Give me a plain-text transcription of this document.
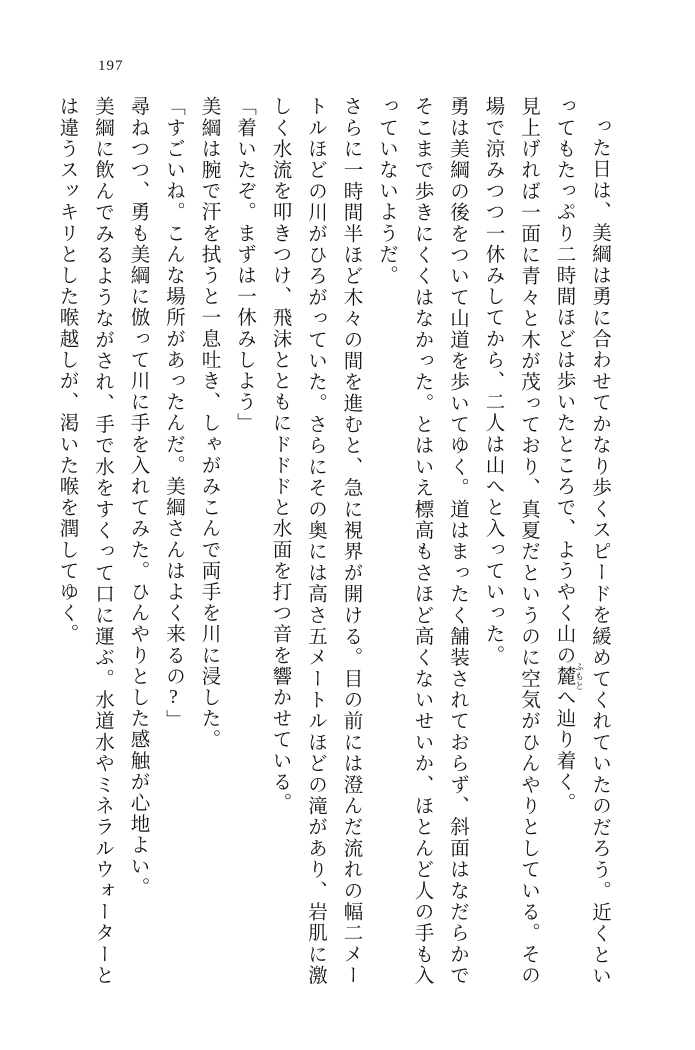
197

った日は、美綱は勇に合わせてかなり歩くスピードを緩めてくれていたのだろう。近くといってもたっぷり二時間ほどは歩いたところで、ようやく山の麓 ふもとへ辿り着く。

見上げれば一面に青々と木が茂っており、真夏だというのに空気がひんやりとしている。その場で涼みつつ一休みしてから、二人は山へと入っていった。

勇は美綱の後をついて山道を歩いてゆく。道はまったく舗装されておらず、斜面はなだらかでそこまで歩きにくくはなかった。とはいえ標高もさほど高くないせいか、ほとんど人の手も入っていないようだ。

さらに一時間半ほど木々の間を進むと、急に視界が開ける。目の前には澄んだ流れの幅二メートルほどの川がひろがっていた。さらにその奥には高さ五メートルほどの滝があり、岩肌に激しく水流を叩きつけ、飛沫とともにドドドと水面を打つ音を響かせている。

「着いたぞ。まずは一休みしよう」

美綱は腕で汗を拭うと一息吐き、しゃがみこんで両手を川に浸した。

「すごいね。こんな場所があったんだ。美綱さんはよく来るの?」

尋ねつつ、勇も美綱に倣って川に手を入れてみた。ひんやりとした感触が心地よい。

美綱に飲んでみるようながされ、手で水をすくって口に運ぶ。水道水やミネラルウォーターとは違うスッキリとした喉越しが、渇いた喉を潤してゆく。
